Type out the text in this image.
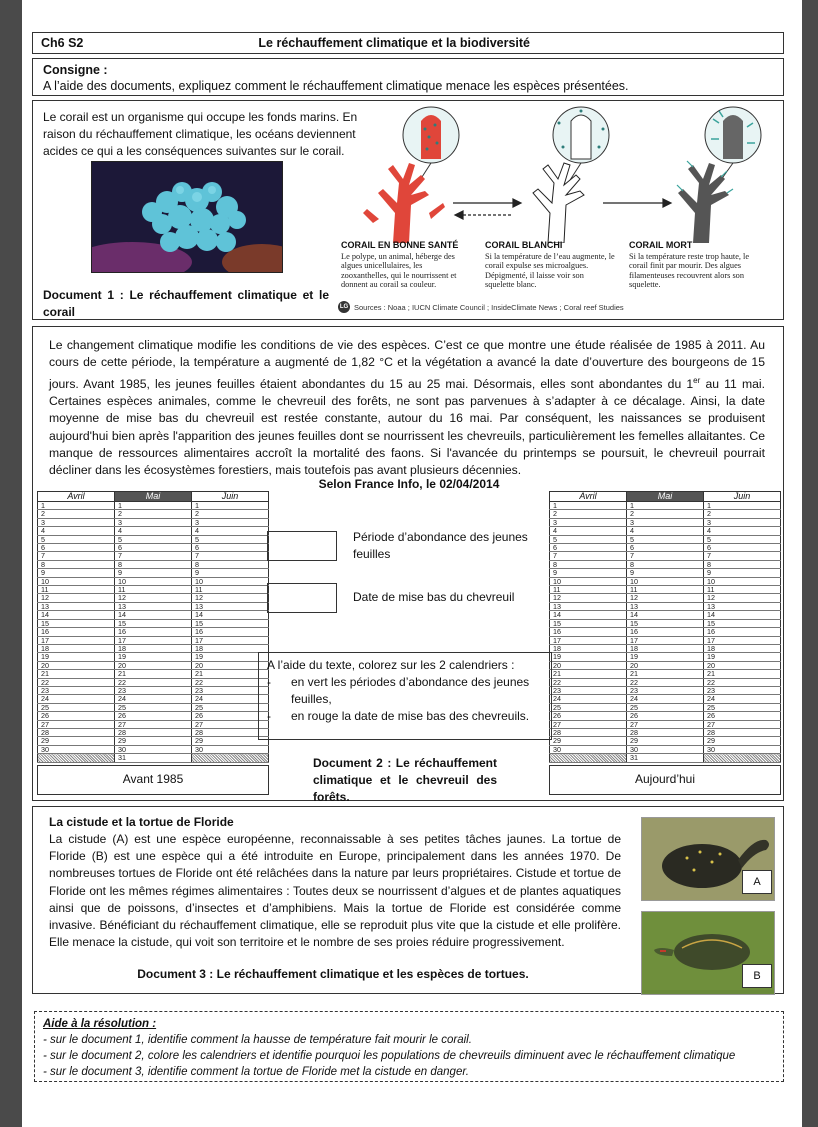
Ch6 S2	Le réchauffement climatique et la biodiversité
Consigne :
A l’aide des documents, expliquez comment le réchauffement climatique menace les espèces présentées.
Le corail est un organisme qui occupe les fonds marins. En raison du réchauffement climatique, les océans deviennent acides ce qui a les conséquences suivantes sur le corail.
Document 1 : Le réchauffement climatique et le corail
CORAIL EN BONNE SANTÉ
Le polype, un animal, héberge des algues unicellulaires, les zooxanthelles, qui le nourrissent et donnent au corail sa couleur.
CORAIL BLANCHI
Si la température de l’eau augmente, le corail expulse ses microalgues. Dépigmenté, il laisse voir son squelette blanc.
CORAIL MORT
Si la température reste trop haute, le corail finit par mourir. Des algues filamenteuses recouvrent alors son squelette.
LG Sources : Noaa ; IUCN Climate Council ; InsideClimate News ; Coral reef Studies
Le changement climatique modifie les conditions de vie des espèces. C’est ce que montre une étude réalisée de 1985 à 2011. Au cours de cette période, la température a augmenté de 1,82 °C et la végétation a avancé la date d’ouverture des bourgeons de 15 jours. Avant 1985, les jeunes feuilles étaient abondantes du 15 au 25 mai. Désormais, elles sont abondantes du 1er au 11 mai. Certaines espèces animales, comme le chevreuil des forêts, ne sont pas parvenues à s’adapter à ce décalage. Ainsi, la date moyenne de mise bas du chevreuil est restée constante, autour du 16 mai. Par conséquent, les naissances se produisent aujourd'hui bien après l'apparition des jeunes feuilles dont se nourrissent les chevreuils, particulièrement les femelles allaitantes. Ce manque de ressources alimentaires accroît la mortalité des faons. Si l'avancée du printemps se poursuit, le chevreuil pourrait décliner dans les écosystèmes forestiers, mais toutefois pas avant plusieurs décennies.
Selon France Info, le 02/04/2014
Avril	Mai	Juin
1	1	1
2	2	2
3	3	3
4	4	4
5	5	5
6	6	6
7	7	7
8	8	8
9	9	9
10	10	10
11	11	11
12	12	12
13	13	13
14	14	14
15	15	15
16	16	16
17	17	17
18	18	18
19	19	19
20	20	20
21	21	21
22	22	22
23	23	23
24	24	24
25	25	25
26	26	26
27	27	27
28	28	28
29	29	29
30	30	30
	31	
Avant 1985
Avril	Mai	Juin
1	1	1
2	2	2
3	3	3
4	4	4
5	5	5
6	6	6
7	7	7
8	8	8
9	9	9
10	10	10
11	11	11
12	12	12
13	13	13
14	14	14
15	15	15
16	16	16
17	17	17
18	18	18
19	19	19
20	20	20
21	21	21
22	22	22
23	23	23
24	24	24
25	25	25
26	26	26
27	27	27
28	28	28
29	29	29
30	30	30
	31	
Aujourd’hui
Période d’abondance des jeunes feuilles
Date de mise bas du chevreuil
A l’aide du texte, colorez sur les 2 calendriers :
-	en vert les périodes d’abondance des jeunes feuilles,
-	en rouge la date de mise bas des chevreuils.
Document 2 : Le réchauffement climatique et le chevreuil des forêts.
La cistude et la tortue de Floride
La cistude (A) est une espèce européenne, reconnaissable à ses petites tâches jaunes. La tortue de Floride (B) est une espèce qui a été introduite en Europe, principalement dans les années 1970. De nombreuses tortues de Floride ont été relâchées dans la nature par leurs propriétaires. Cistude et tortue de Floride ont les mêmes régimes alimentaires : Toutes deux se nourrissent d’algues et de plantes aquatiques ainsi que de poissons, d’insectes et d’amphibiens. Mais la tortue de Floride est considérée comme invasive. Bénéficiant du réchauffement climatique, elle se reproduit plus vite que la cistude et elle prolifère. Elle menace la cistude, qui voit son territoire et le nombre de ses proies réduire progressivement.
Document 3 : Le réchauffement climatique et les espèces de tortues.
A
B
Aide à la résolution :
- sur le document 1, identifie comment la hausse de température fait mourir le corail.
- sur le document 2, colore les calendriers et identifie pourquoi les populations de chevreuils diminuent avec le réchauffement climatique
- sur le document 3, identifie comment la tortue de Floride met la cistude en danger.
